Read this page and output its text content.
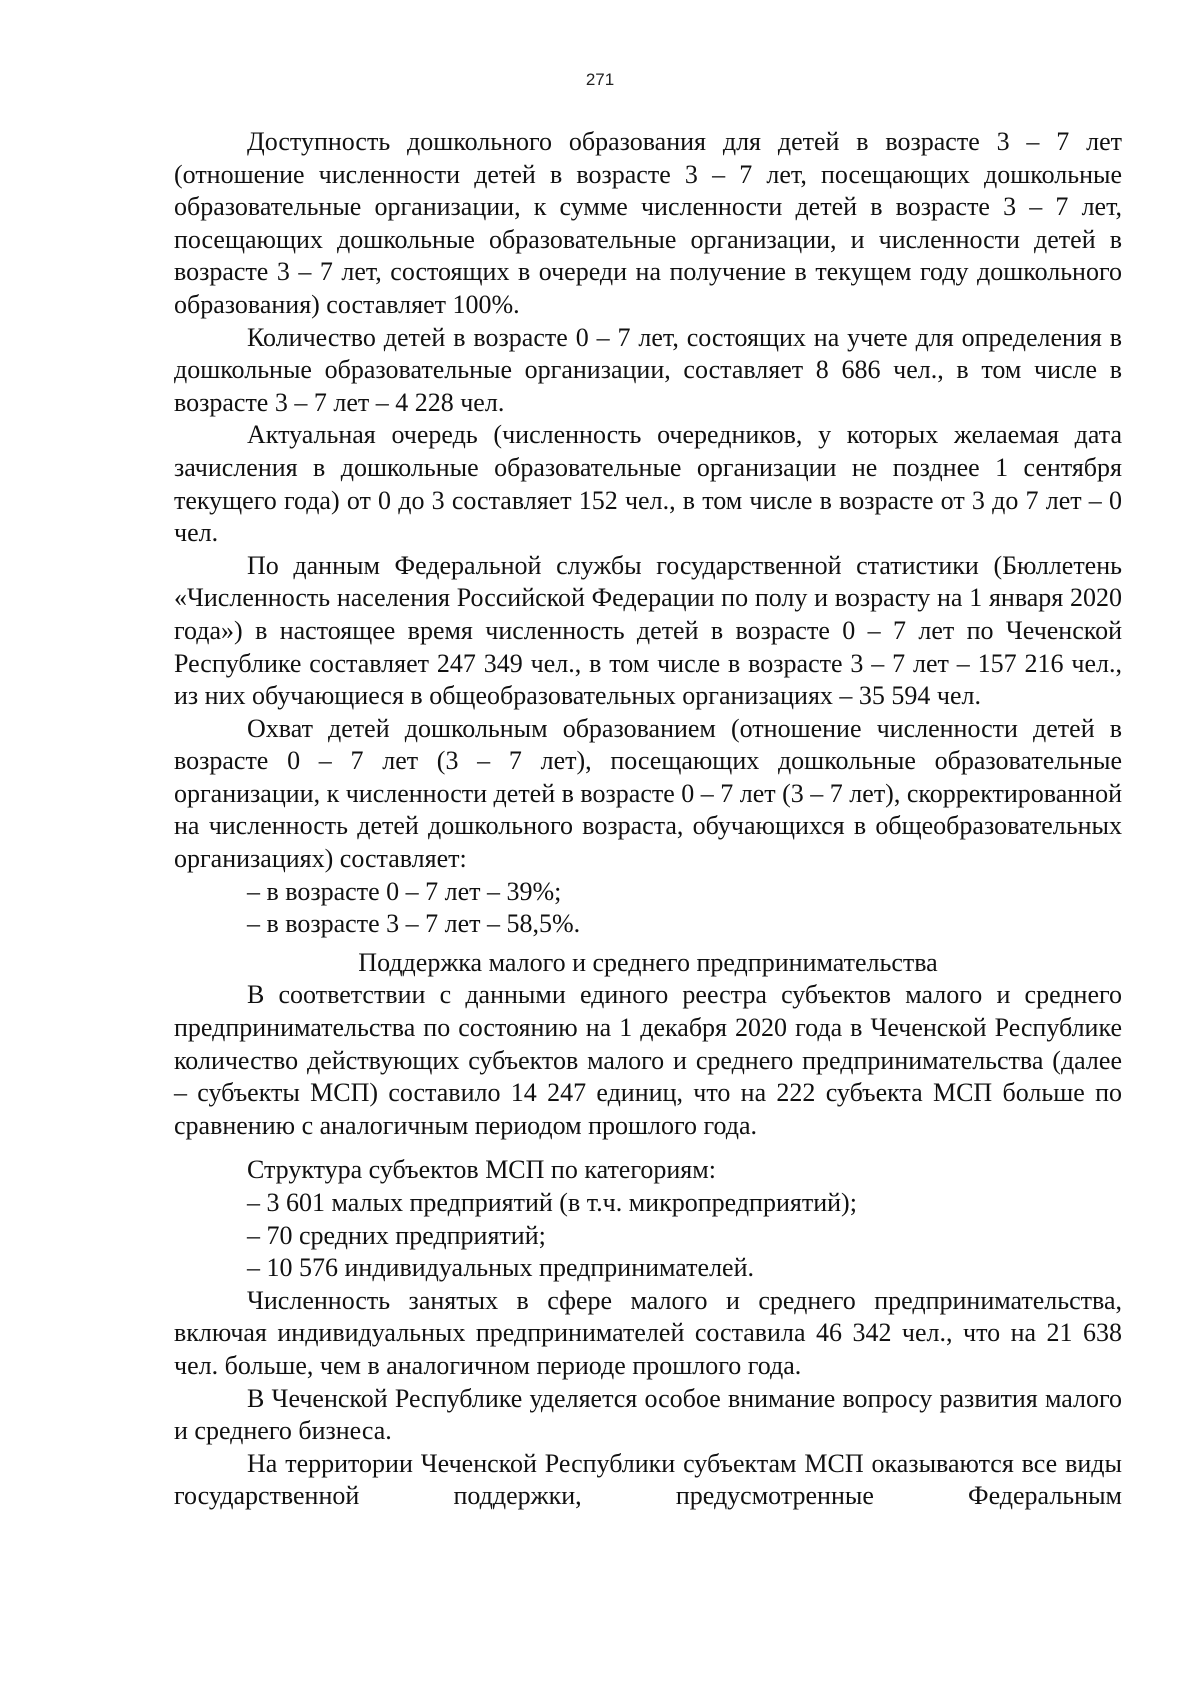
271

Доступность дошкольного образования для детей в возрасте 3 – 7 лет (отношение численности детей в возрасте 3 – 7 лет, посещающих дошкольные образовательные организации, к сумме численности детей в возрасте 3 – 7 лет, посещающих дошкольные образовательные организации, и численности детей в возрасте 3 – 7 лет, состоящих в очереди на получение в текущем году дошкольного образования) составляет 100%.

Количество детей в возрасте 0 – 7 лет, состоящих на учете для определения в дошкольные образовательные организации, составляет 8 686 чел., в том числе в возрасте 3 – 7 лет – 4 228 чел.

Актуальная очередь (численность очередников, у которых желаемая дата зачисления в дошкольные образовательные организации не позднее 1 сентября текущего года) от 0 до 3 составляет 152 чел., в том числе в возрасте от 3 до 7 лет – 0 чел.

По данным Федеральной службы государственной статистики (Бюллетень «Численность населения Российской Федерации по полу и возрасту на 1 января 2020 года») в настоящее время численность детей в возрасте 0 – 7 лет по Чеченской Республике составляет 247 349 чел., в том числе в возрасте 3 – 7 лет – 157 216 чел., из них обучающиеся в общеобразовательных организациях – 35 594 чел.

Охват детей дошкольным образованием (отношение численности детей в возрасте 0 – 7 лет (3 – 7 лет), посещающих дошкольные образовательные организации, к численности детей в возрасте 0 – 7 лет (3 – 7 лет), скорректированной на численность детей дошкольного возраста, обучающихся в общеобразовательных организациях) составляет:

– в возрасте 0 – 7 лет – 39%;

– в возрасте 3 – 7 лет – 58,5%.

Поддержка малого и среднего предпринимательства

В соответствии с данными единого реестра субъектов малого и среднего предпринимательства по состоянию на 1 декабря 2020 года в Чеченской Республике количество действующих субъектов малого и среднего предпринимательства (далее – субъекты МСП) составило 14 247 единиц, что на 222 субъекта МСП больше по сравнению с аналогичным периодом прошлого года.

Структура субъектов МСП по категориям:

– 3 601 малых предприятий (в т.ч. микропредприятий);

– 70 средних предприятий;

– 10 576 индивидуальных предпринимателей.

Численность занятых в сфере малого и среднего предпринимательства, включая индивидуальных предпринимателей составила 46 342 чел., что на 21 638 чел. больше, чем в аналогичном периоде прошлого года.

В Чеченской Республике уделяется особое внимание вопросу развития малого и среднего бизнеса.

На территории Чеченской Республики субъектам МСП оказываются все виды государственной поддержки, предусмотренные Федеральным
